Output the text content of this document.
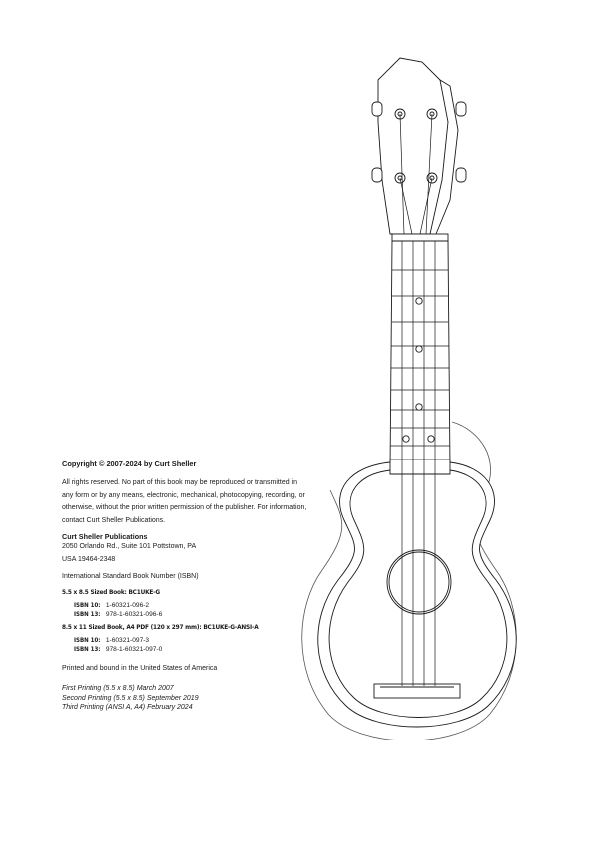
Copyright © 2007-2024 by Curt Sheller

All rights reserved. No part of this book may be reproduced or transmitted in

any form or by any means, electronic, mechanical, photocopying, recording, or

otherwise, without the prior written permission of the publisher. For information,

contact Curt Sheller Publications.

Curt Sheller Publications

2050 Orlando Rd., Suite 101 Pottstown, PA

USA 19464-2348

International Standard Book Number (ISBN)

5.5 x 8.5 Sized Book: BC1UKE-G

ISBN 10: 1-60321-096-2

ISBN 13: 978-1-60321-096-6

8.5 x 11 Sized Book, A4 PDF (120 x 297 mm): BC1UKE-G-ANSI-A

ISBN 10: 1-60321-097-3

ISBN 13: 978-1-60321-097-0

Printed and bound in the United States of America

First Printing (5.5 x 8.5) March 2007

Second Printing (5.5 x 8.5) September 2019

Third Printing (ANSI A, A4) February 2024
